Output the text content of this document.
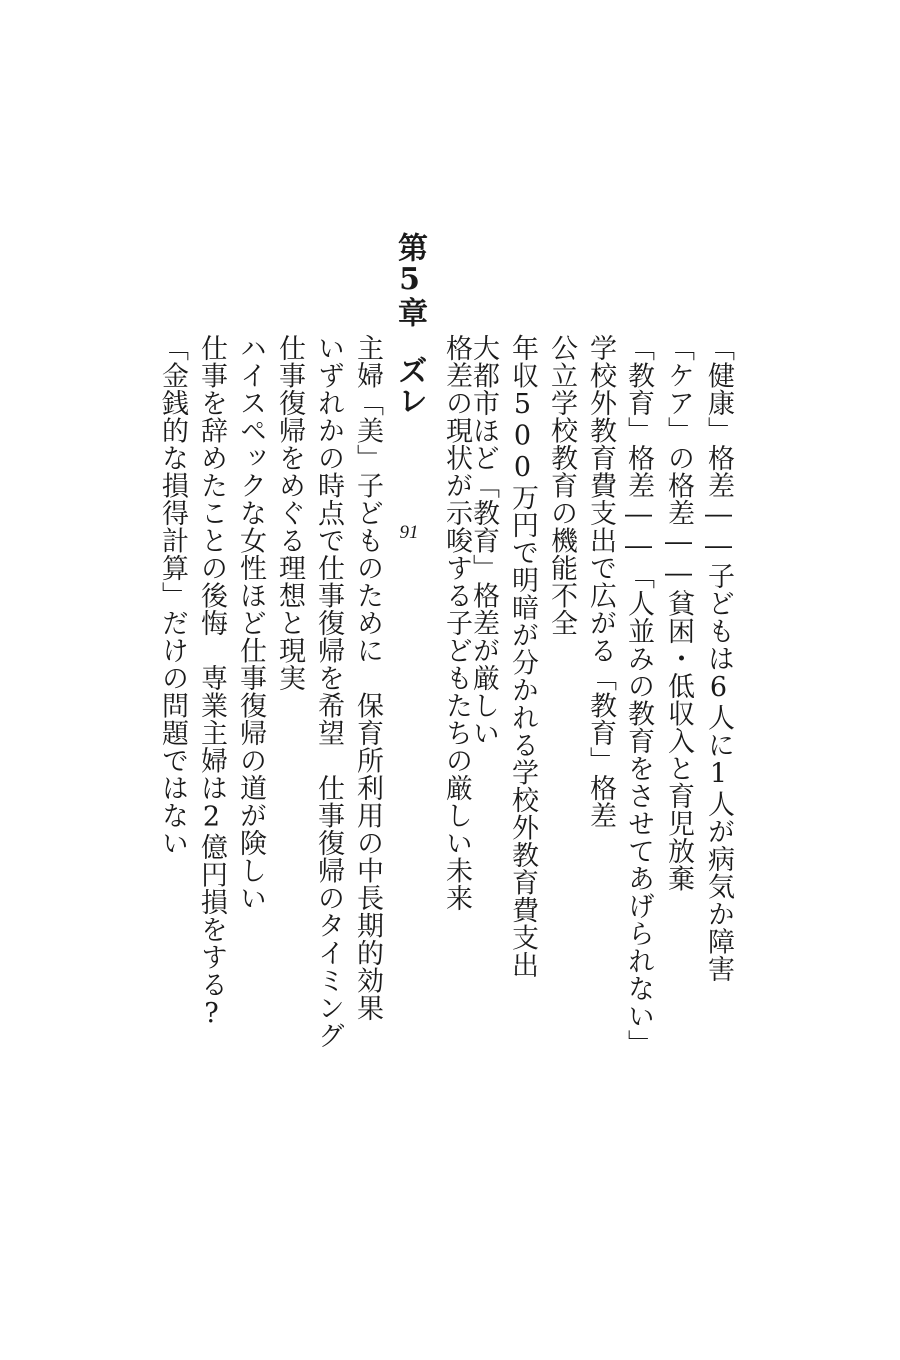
「健康」格差――子どもは6人に1人が病気か障害
「ケア」の格差――貧困・低収入と育児放棄
「教育」格差――「人並みの教育をさせてあげられない」
学校外教育費支出で広がる「教育」格差
公立学校教育の機能不全
年収500万円で明暗が分かれる学校外教育費支出
大都市ほど「教育」格差が厳しい
格差の現状が示唆する子どもたちの厳しい未来
第5章ズレ
91
主婦「美」子どものために　保育所利用の中長期的効果
いずれかの時点で仕事復帰を希望　仕事復帰のタイミング
仕事復帰をめぐる理想と現実
ハイスペックな女性ほど仕事復帰の道が険しい
仕事を辞めたことの後悔　専業主婦は2億円損をする?
「金銭的な損得計算」だけの問題ではない
